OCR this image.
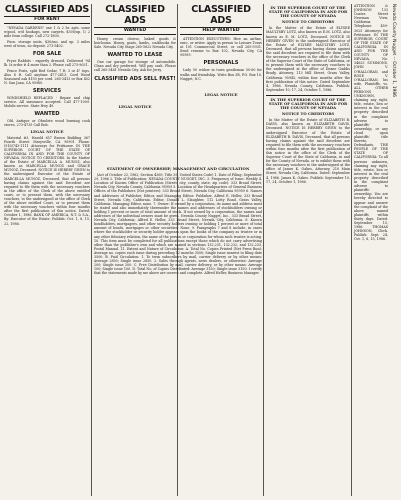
CLASSIFIED ADS
FOR RENT

"NEVADA GARDENS" one 1 & 2 br. apts. some w/pool, w/d hookups, new carpets, $300/up. 1/ 2 mile from college. Call 272-1800.

Furn. storage units, $30/mo. and up. 3 miles west of town, no deposit. 273-5402.

FOR SALE

Fryer Rabbits - expertly dressed, Delivered '94 lb. Is order # 4 more than 3. Please call 273-9031.

Fence Posts, split Red Cedar, 7 ft, 3 or 4" tops. Also 8 ft. Call anytime 477-2413. Cord Wood Seasoned oak $150 per cord. 265-3413 or Box 402 N. San Juan, CA 95960.

SERVICES

WINDSHIELD REPLACED - Repair and chip service. All insurance accepted. Call 477-1009. Mobile service. State Hwy 49.

WANTED

Old, Antique or Obsolete wood burning cook stoves, 273-4735 Call Bob.

LEGAL NOTICE

Material #3. Harold 657 Brown Building 367 Fourth Street Marysville, CA 95901 Phone: (916)743-1111 Attorneys for Petitioner. IN THE SUPERIOR COURT OF THE STATE OF CALIFORNIA IN AND FOR THE COUNTY OF NEVADA. NOTICE TO CREDITORS. In the Matter of the Estate of MARCELLA A. MUNOZ, also known as MARCELLA MUNOZ and GRACE MUNOZ, Deceased. NOTICE IS HEREBY GIVEN to the undersigned Executor of the Estate of MARCELLA MUNOZ, Deceased, that all persons having claims against the said Decedent are required to file them with the necessary vouchers in the office of the Clerk of the above entitled court, or to present them, with the necessary vouchers, to the undersigned at the office of Clerk of the above entitled Court, or to present them with the necessary vouchers within four months after the first publication of this notice. Dated: October 1, 1986. BANK OF AMERICA, N.T. & S.A., By: Executor of the Estate. Publish: Oct. 1, 8, 15, 22, 1986.

CLASSIFIED ADS
WANTED

Honey, cream cheese, baked goods & heirlooms. Honey, goats, lambs, cookbooks for Sale. Nevada City Stage 265-5622 Nevada City.

WANTED TO LEASE

One car garage for storage of automobile. Clean and dry preferred. Will pay cash. Please call 265-3461 Nevada City. Ask for Jerry.

CLASSIFIED ADS SELL FAST!
LEGAL NOTICE
CLASSIFIED ADS
HELP WANTED

ATTENTION EXECUTIVES: Hire an airline, exec, or writer. Apply in person to Leisure Tours at 101 Commercial Street, or call 265-5931. Send resume to Box 102, Nevada City, CA 95959.

PERSONALS

Lady 50 widow in town gentleman 50-60 for walks and friendship. Write Box 3B, P.O. Box 10, Nugget, N.C.

LEGAL NOTICE
STATEMENT OF OWNERSHIP, MANAGEMENT AND CIRCULATION

(Act of October 23, 1962; Section 4369, Title 39, United States Code) 1. Date of Filing: September 29, 1986 2. Title of Publication: NEVADA COUNTY NUGGET, INC. 3. Frequency of Issue: Weekly 4. Location of Known Office of Publication (Street, city, county, state, zip code): 333 Broad Street, Nevada City, Nevada County, California 95959 5. Location of the Headquarters of General Business Offices of the Publishers (Not printers): 333 Broad Street, Nevada City, California 95959 6. Names and Addresses of Publisher, Editor, and Managing Editor: Publisher, Alfred E. Heller, 333 Broad Street, Nevada City, California. Editor, Donald L. Slaughter, 112 Lotty Road, Grass Valley, California. Managing Editor, none. 7. Owner: If owned by a corporation, its name and address must be stated and also immediately thereunder the names and addresses of stockholders owning or holding 1 percent or more of total amount of stock. If not owned by a corporation, the names and addresses of the individual owners must be given. Nevada County Nugget, Inc., 333 Broad Street, Nevada City, California; Alfred E. Heller, 333 Broad Street, Nevada City, California. 8. Known bondholders, mortgagees, and other security holders owning or holding 1 percent or more of total amount of bonds, mortgages or other securities: None. 9. Paragraphs 7 and 8 include, in cases where the stockholder or security holder appears upon the books of the company as trustee or in any other fiduciary relation, the name of the person or corporation for whom such trustee is acting. 10. This item must be completed for all publications except those which do not carry advertising other than the publisher's own and which are named in sections 132.231, 132.232, and 132.233, Postal Manual. 11. Extent and Nature of Circulation: A. Total No. Copies Printed (Net Press Run): Average no. copies each issue during preceding 12 months 3500; Single issue nearest to filing date 3500. B. Paid Circulation: 1. To term subscribers by mail, carrier delivery or by other means: Average 2850; Single issue 2850. 2. Sales through agents, news dealers, or otherwise: Average 200; Single issue 200. C. Free Distribution by mail, carrier delivery, or by other means: Average 100; Single issue 100. D. Total No. of Copies Distributed: Average 3150; Single issue 3150. I certify that the statements made by me above are correct and complete. Alfred Heller, Business Manager.

IN THE SUPERIOR COURT OF THE STATE OF CALIFORNIA IN AND FOR THE COUNTY OF NEVADA
NOTICE TO CREDITORS

In the Matter of the Estate of ELYSEE MAULTSBY LOTZ, also known as E.M. LOTZ, also known as E. M. LOTZ, Deceased. NOTICE IS HEREBY GIVEN to the undersigned Executor of the Estate of ELYSEE MAULTSBY LOTZ, Deceased, that all persons having claims against the said decedent are required to file them with the necessary vouchers in the office of the Clerk of the Superior Court of the State of California, or to present them with the necessary vouchers to the undersigned at the office of Deane Gaddis Brady, Attorney, 113 Mill Street, Grass Valley, California 95945, within four months after the first publication of this notice. Dated September 4, 1986. Nevada County, California. Publish: September 10, 17, 24, October 1, 1986.

IN THE SUPERIOR COURT OF THE STATE OF CALIFORNIA IN AND FOR THE COUNTY OF NEVADA
NOTICE TO CREDITORS

In the Matter of the Estate of ELIZABETH B. DAVIS, also known as ELIZABETH DAVIS, Deceased. NOTICE IS HEREBY GIVEN to the undersigned Executor of the Estate of ELIZABETH B. DAVIS, Deceased, that all persons having claims against the said decedent are required to file them with the necessary vouchers within four months after the first publication of this notice in the office of the Clerk of the Superior Court of the State of California, in and for the County of Nevada, or to exhibit them with the necessary vouchers to the undersigned at the office of James K. Oakes, Attorney, 210 Main Street, Nevada City, California. Dated: September 4, 1986. James K. Oakes. Publish: September 10, 17, 24, October 1, 1986.

ATTENTION & JOHNSON 133 Coates Street Newman View, California Telephone: 459-3025 Attorneys for Petitioner. IN THE SUPERIOR COURT OF THE STATE OF CALIFORNIA IN AND FOR THE COUNTY OF NEVADA. No. 34625 SUMMONS. JOHN V. O'HALLORAN, and ROSE V. O'HALLORAN, his wife, Plaintiffs, vs. ALL OTHER PERSONS UNKNOWN, claiming any right, title, estate, lien or interest in the real property described in the complaint adverse to plaintiffs' ownership, or any cloud upon plaintiffs' title thereto, Defendants. THE PEOPLE OF THE STATE OF CALIFORNIA: To all persons unknown, claiming any right, title, estate, lien or interest in the real property described in the complaint adverse to plaintiffs' ownership. You are hereby directed to appear and answer the complaint of the above named plaintiffs within thirty days. Dated: September 15, 1986. THOMAS JOHNSON, Clerk. Publish: Sept. 24, Oct. 1, 8, 15, 1986.

Nevada County Nugget -- October 1, 1986
